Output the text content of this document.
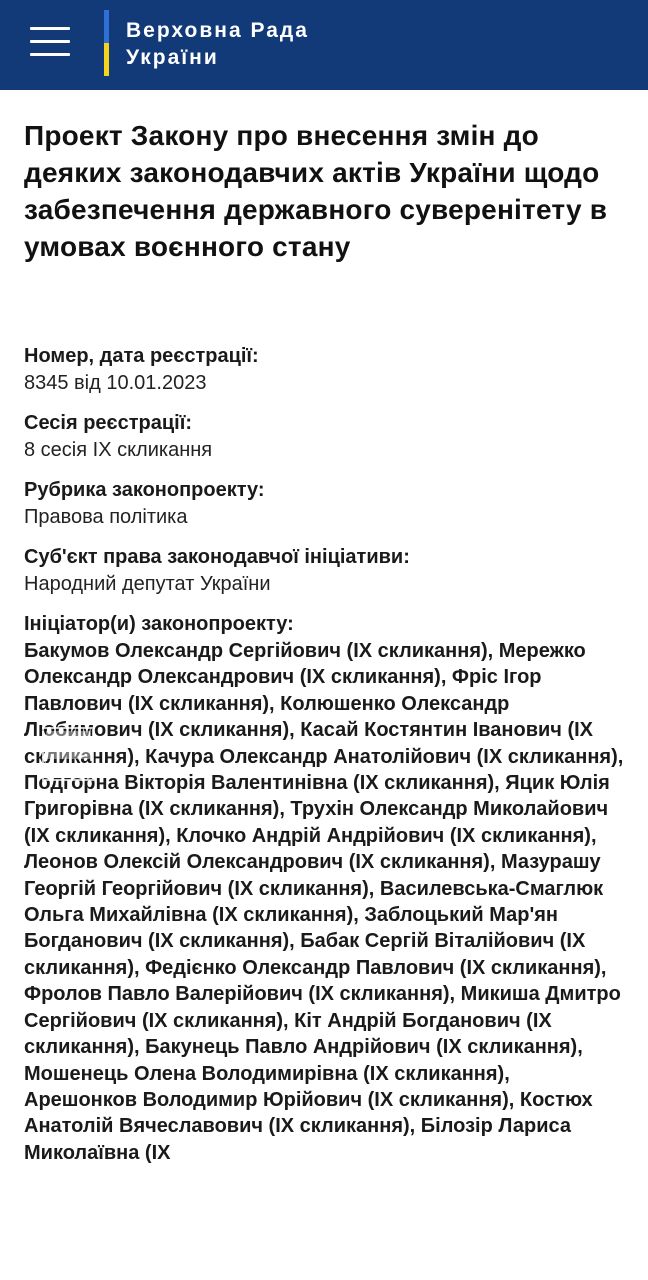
Верховна Рада
України
Проект Закону про внесення змін до деяких законодавчих актів України щодо забезпечення державного суверенітету в умовах воєнного стану
Номер, дата реєстрації:
8345 від 10.01.2023
Сесія реєстрації:
8 сесія IX скликання
Рубрика законопроекту:
Правова політика
Суб'єкт права законодавчої ініціативи:
Народний депутат України
Ініціатор(и) законопроекту:
Бакумов Олександр Сергійович (IX скликання), Мережко Олександр Олександрович (IX скликання), Фріс Ігор Павлович (IX скликання), Колюшенко Олександр Любимович (IX скликання), Касай Костянтин Іванович (IX скликання), Качура Олександр Анатолійович (IX скликання), Подгорна Вікторія Валентинівна (IX скликання), Яцик Юлія Григорівна (IX скликання), Трухін Олександр Миколайович (IX скликання), Клочко Андрій Андрійович (IX скликання), Леонов Олексій Олександрович (IX скликання), Мазурашу Георгій Георгійович (IX скликання), Василевська-Смаглюк Ольга Михайлівна (IX скликання), Заблоцький Мар'ян Богданович (IX скликання), Бабак Сергій Віталійович (IX скликання), Федієнко Олександр Павлович (IX скликання), Фролов Павло Валерійович (IX скликання), Микиша Дмитро Сергійович (IX скликання), Кіт Андрій Богданович (IX скликання), Бакунець Павло Андрійович (IX скликання), Мошенець Олена Володимирівна (IX скликання), Арешонков Володимир Юрійович (IX скликання), Костюх Анатолій Вячеславович (IX скликання), Білозір Лариса Миколаївна (IX
